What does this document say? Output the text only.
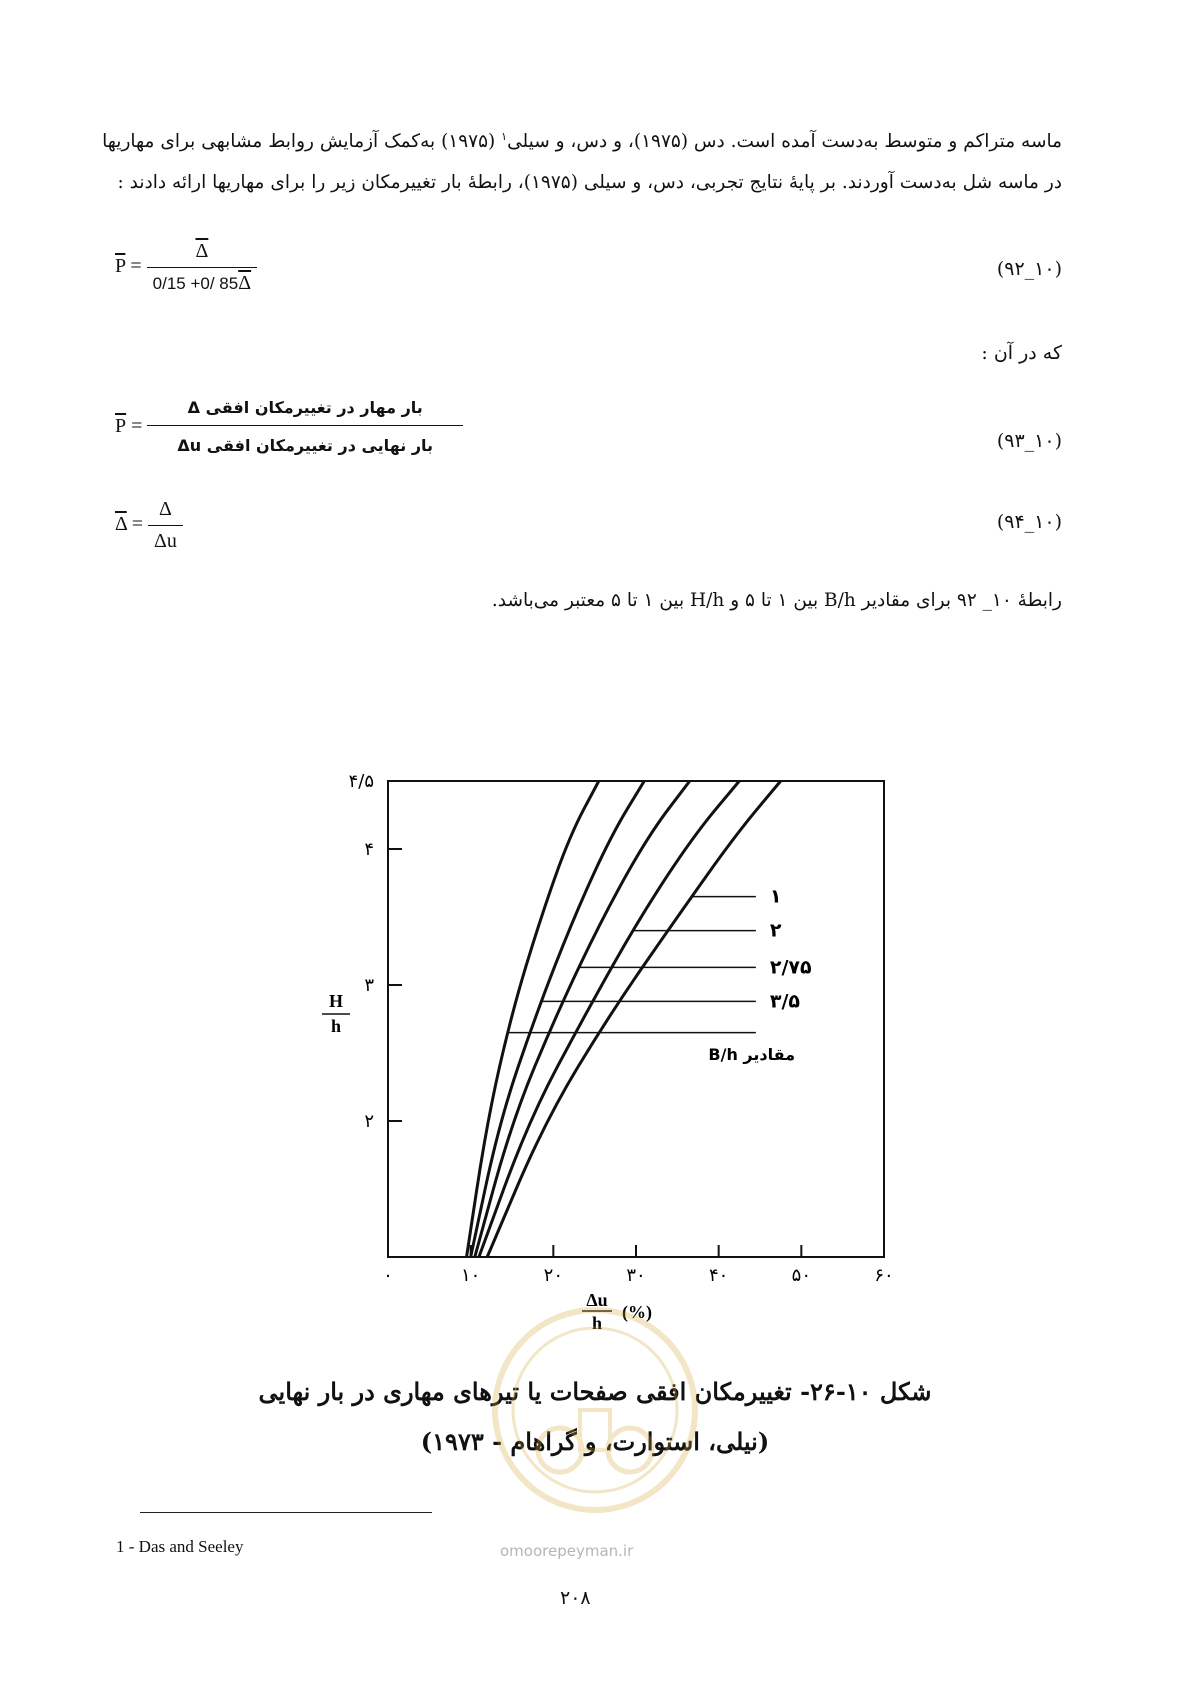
ماسه متراکم و متوسط به‌دست آمده است. دس (۱۹۷۵)، و دس، و سیلی$^۱$ (۱۹۷۵) به‌کمک آزمایش روابط مشابهی برای مهاریها
در ماسه شل به‌دست آوردند. بر پایهٔ نتایج تجربی، دس، و سیلی (۱۹۷۵)، رابطهٔ بار تغییرمکان زیر را برای مهاریها ارائه دادند :
$\overline{P} = \frac{\overline{\Delta}}{0/15 +0/ 85\overline{\Delta}}$	(۹۲_۱۰)
که در آن :
$\overline{P} = \frac{\text{بار مهار در تغییرمکان افقی Δ}}{\text{بار نهایی در تغییرمکان افقی Δu}}$	(۹۳_۱۰)
$\overline{\Delta} = \frac{\Delta}{\Delta u}$	(۹۴_۱۰)
رابطهٔ ۱۰_ ۹۲ برای مقادیر B/h بین ۱ تا ۵ و H/h بین ۱ تا ۵ معتبر می‌باشد.
۰	۱۰	۲۰	۳۰	۴۰	۵۰	۶۰
۲
۳
۴
۴/۵
H
h
Δu
h
(%)
۱
۲
۲/۷۵
۳/۵
مقادیر B/h
شکل ۱۰-۲۶- تغییرمکان افقی صفحات یا تیرهای مهاری در بار نهایی
(نیلی، استوارت، و گراهام - ۱۹۷۳)
omoorepeyman.ir
1 - Das and Seeley
۲۰۸
